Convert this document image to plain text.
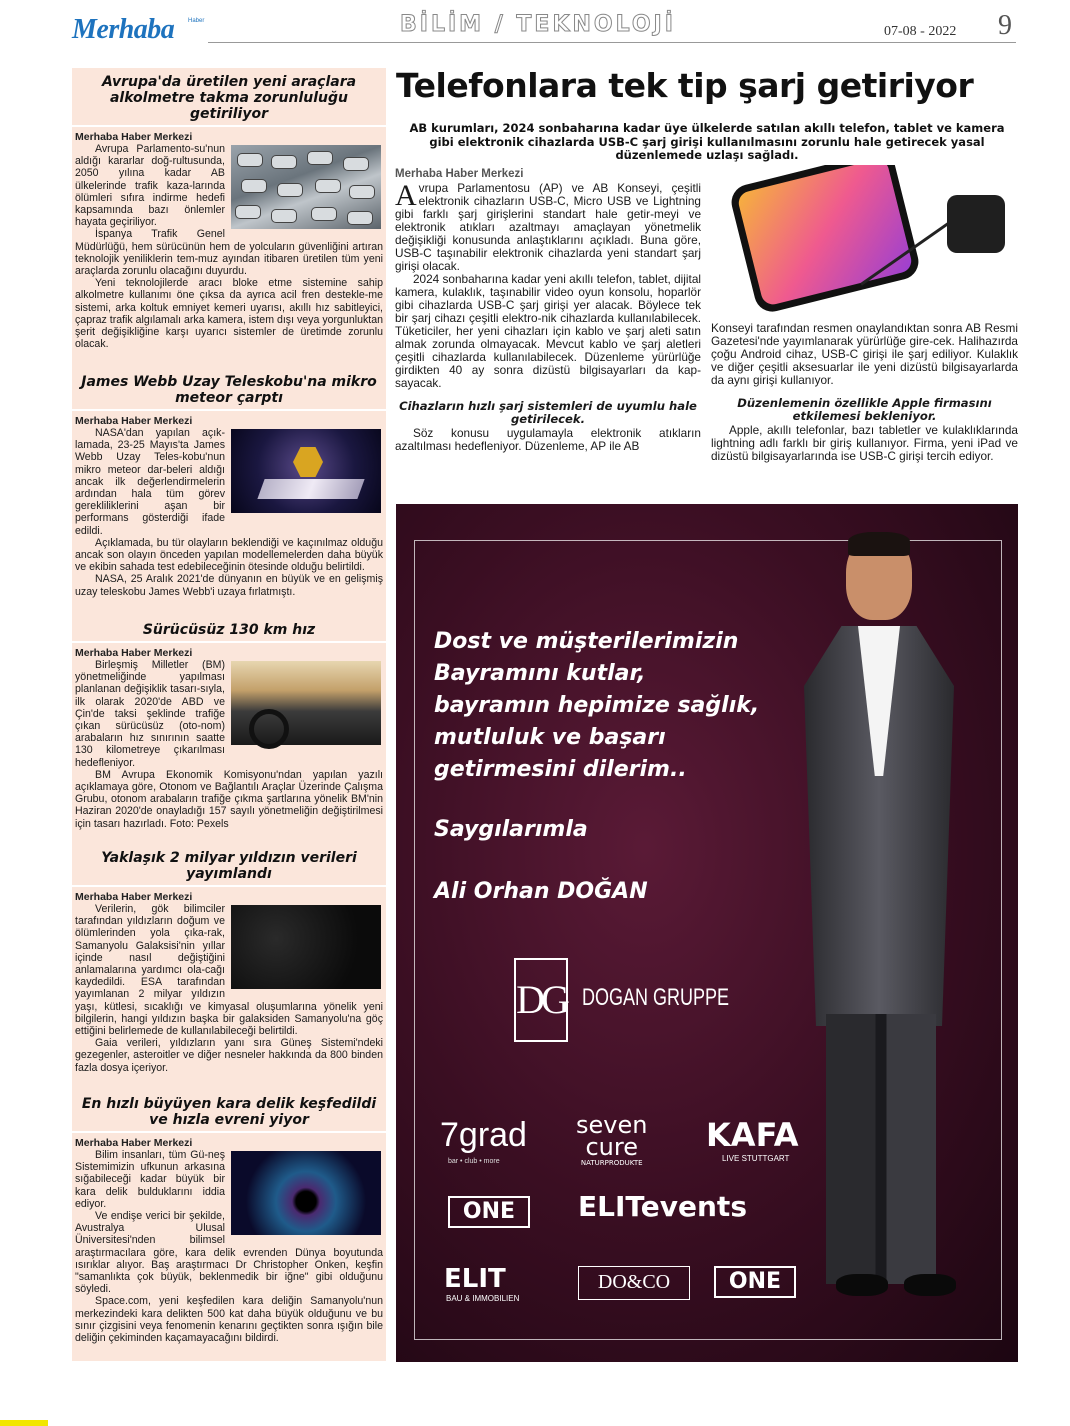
Merhaba Haber	BİLİM / TEKNOLOJİ	07-08 - 2022 9
Avrupa'da üretilen yeni araçlara alkolmetre takma zorunluluğu getiriliyor
Merhaba Haber Merkezi

Avrupa Parlamento-su'nun aldığı kararlar doğ-rultusunda, 2050 yılına kadar AB ülkelerinde trafik kaza-larında ölümleri sıfıra indirme hedefi kapsamında bazı önlemler hayata geçiriliyor.

İspanya Trafik Genel Müdürlüğü, hem sürücünün hem de yolcuların güvenliğini artıran teknolojik yeniliklerin tem-muz ayından itibaren üretilen tüm yeni araçlarda zorunlu olacağını duyurdu.

Yeni teknolojilerde aracı bloke etme sistemine sahip alkolmetre kullanımı öne çıksa da ayrıca acil fren destekle-me sistemi, arka koltuk emniyet kemeri uyarısı, akıllı hız sabitleyici, çapraz trafik algılamalı arka kamera, istem dışı veya yorgunluktan şerit değişikliğine karşı uyarıcı sistemler de üretimde zorunlu olacak.

James Webb Uzay Teleskobu'na mikro meteor çarptı
Merhaba Haber Merkezi

NASA'dan yapılan açık-lamada, 23-25 Mayıs'ta James Webb Uzay Teles-kobu'nun mikro meteor dar-beleri aldığı ancak ilk değerlendirmelerin ardından hala tüm görev gerekliliklerini aşan bir performans gösterdiği ifade edildi.

Açıklamada, bu tür olayların beklendiği ve kaçınılmaz olduğu ancak son olayın önceden yapılan modellemelerden daha büyük ve ekibin sahada test edebileceğinin ötesinde olduğu belirtildi.

NASA, 25 Aralık 2021'de dünyanın en büyük ve en gelişmiş uzay teleskobu James Webb'i uzaya fırlatmıştı.

Sürücüsüz 130 km hız
Merhaba Haber Merkezi

Birleşmiş Milletler (BM) yönetmeliğinde yapılması planlanan değişiklik tasarı-sıyla, ilk olarak 2020'de ABD ve Çin'de taksi şeklinde trafiğe çıkan sürücüsüz (oto-nom) arabaların hız sınırının saatte 130 kilometreye çıkarılması hedefleniyor.

BM Avrupa Ekonomik Komisyonu'ndan yapılan yazılı açıklamaya göre, Otonom ve Bağlantılı Araçlar Üzerinde Çalışma Grubu, otonom arabaların trafiğe çıkma şartlarına yönelik BM'nin Haziran 2020'de onayladığı 157 sayılı yönetmeliğin değiştirilmesi için tasarı hazırladı. Foto: Pexels

Yaklaşık 2 milyar yıldızın verileri yayımlandı
Merhaba Haber Merkezi

Verilerin, gök bilimciler tarafından yıldızların doğum ve ölümlerinden yola çıka-rak, Samanyolu Galaksisi'nin yıllar içinde nasıl değiştiğini anlamalarına yardımcı ola-cağı kaydedildi. ESA tarafından yayımlanan 2 milyar yıldızın yaşı, kütlesi, sıcaklığı ve kimyasal oluşumlarına yönelik yeni bilgilerin, hangi yıldızın başka bir galaksiden Samanyolu'na göç ettiğini belirlemede de kullanılabileceği belirtildi.

Gaia verileri, yıldızların yanı sıra Güneş Sistemi'ndeki gezegenler, asteroitler ve diğer nesneler hakkında da 800 binden fazla dosya içeriyor.

En hızlı büyüyen kara delik keşfedildi ve hızla evreni yiyor
Merhaba Haber Merkezi

Bilim insanları, tüm Gü-neş Sistemimizin ufkunun arkasına sığabileceği kadar büyük bir kara delik bulduklarını iddia ediyor.

Ve endişe verici bir şekilde, Avustralya Ulusal Üniversitesi'nden bilimsel araştırmacılara göre, kara delik evrenden Dünya boyutunda ısırıklar alıyor. Baş araştırmacı Dr Christopher Onken, keşfin "samanlıkta çok büyük, beklenmedik bir iğne" gibi olduğunu söyledi.

Space.com, yeni keşfedilen kara deliğin Samanyolu'nun merkezindeki kara delikten 500 kat daha büyük olduğunu ve bu sınır çizgisini veya fenomenin kenarını geçtikten sonra ışığın bile deliğin çekiminden kaçamayacağını bildirdi.

Telefonlara tek tip şarj getiriyor
AB kurumları, 2024 sonbaharına kadar üye ülkelerde satılan akıllı telefon, tablet ve kamera gibi elektronik cihazlarda USB-C şarj girişi kullanılmasını zorunlu hale getirecek yasal düzenlemede uzlaşı sağladı.
Merhaba Haber Merkezi
A vrupa Parlamentosu (AP) ve AB Konseyi, çeşitli elektronik cihazların USB-C, Micro USB ve Lightning gibi farklı şarj girişlerini standart hale getir-meyi ve elektronik atıkları azaltmayı amaçlayan yönetmelik değişikliği konusunda anlaştıklarını açıkladı. Buna göre, USB-C taşınabilir elektronik cihazlarda yeni standart şarj girişi olacak.

2024 sonbaharına kadar yeni akıllı telefon, tablet, dijital kamera, kulaklık, taşınabilir video oyun konsolu, hoparlör gibi cihazlarda USB-C şarj girişi yer alacak. Böylece tek bir şarj cihazı çeşitli elektro-nik cihazlarda kullanılabilecek. Tüketiciler, her yeni cihazları için kablo ve şarj aleti satın almak zorunda olmayacak. Mevcut kablo ve şarj aletleri çeşitli cihazlarda kullanılabilecek. Düzenleme yürürlüğe girdikten 40 ay sonra dizüstü bilgisayarları da kap-sayacak.

Cihazların hızlı şarj sistemleri de uyumlu hale getirilecek.

Söz konusu uygulamayla elektronik atıkların azaltılması hedefleniyor. Düzenleme, AP ile AB

Konseyi tarafından resmen onaylandıktan sonra AB Resmi Gazetesi'nde yayımlanarak yürürlüğe gire-cek. Halihazırda çoğu Android cihaz, USB-C girişi ile şarj ediliyor. Kulaklık ve diğer çeşitli aksesuarlar ile yeni dizüstü bilgisayarlarda da aynı girişi kullanıyor.
Düzenlemenin özellikle Apple firmasını etkilemesi bekleniyor.

Apple, akıllı telefonlar, bazı tabletler ve kulaklıklarında lightning adlı farklı bir giriş kullanıyor. Firma, yeni iPad ve dizüstü bilgisayarlarında ise USB-C girişi tercih ediyor.

Dost ve müşterilerimizin
Bayramını kutlar,
bayramın hepimize sağlık,
mutluluk ve başarı
getirmesini dilerim..
Saygılarımla
Ali Orhan DOĞAN
DG DOGAN GRUPPE
7grad
bar • club • more
seven
cure
NATURPRODUKTE
KAFA
LIVE STUTTGART
ONE	ELITevents
ELIT
BAU & IMMOBILIEN
DO&CO	ONE
